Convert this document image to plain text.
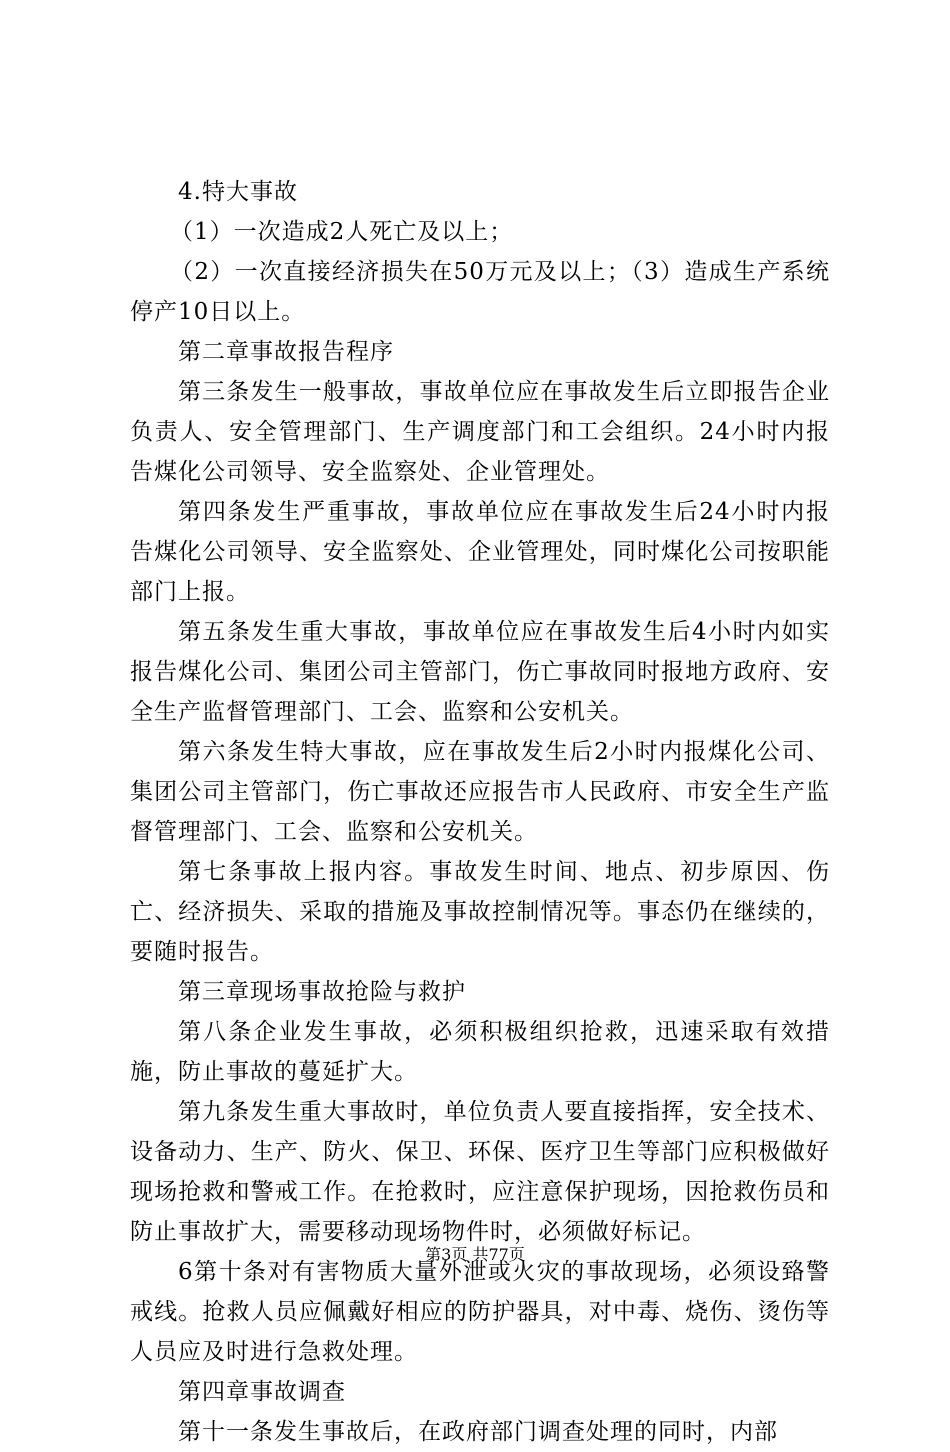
4.特大事故

（1）一次造成2人死亡及以上；

（2）一次直接经济损失在50万元及以上；（3）造成生产系统停产10日以上。

第二章事故报告程序

第三条发生一般事故，事故单位应在事故发生后立即报告企业负责人、安全管理部门、生产调度部门和工会组织。24小时内报告煤化公司领导、安全监察处、企业管理处。

第四条发生严重事故，事故单位应在事故发生后24小时内报告煤化公司领导、安全监察处、企业管理处，同时煤化公司按职能部门上报。

第五条发生重大事故，事故单位应在事故发生后4小时内如实报告煤化公司、集团公司主管部门，伤亡事故同时报地方政府、安全生产监督管理部门、工会、监察和公安机关。

第六条发生特大事故，应在事故发生后2小时内报煤化公司、集团公司主管部门，伤亡事故还应报告市人民政府、市安全生产监督管理部门、工会、监察和公安机关。

第七条事故上报内容。事故发生时间、地点、初步原因、伤亡、经济损失、采取的措施及事故控制情况等。事态仍在继续的，要随时报告。

第三章现场事故抢险与救护

第八条企业发生事故，必须积极组织抢救，迅速采取有效措施，防止事故的蔓延扩大。

第九条发生重大事故时，单位负责人要直接指挥，安全技术、设备动力、生产、防火、保卫、环保、医疗卫生等部门应积极做好现场抢救和警戒工作。在抢救时，应注意保护现场，因抢救伤员和防止事故扩大，需要移动现场物件时，必须做好标记。

6第十条对有害物质大量外泄或火灾的事故现场，必须设臵警戒线。抢救人员应佩戴好相应的防护器具，对中毒、烧伤、烫伤等人员应及时进行急救处理。

第四章事故调查

第十一条发生事故后，在政府部门调查处理的同时，内部

第3页 共77页
